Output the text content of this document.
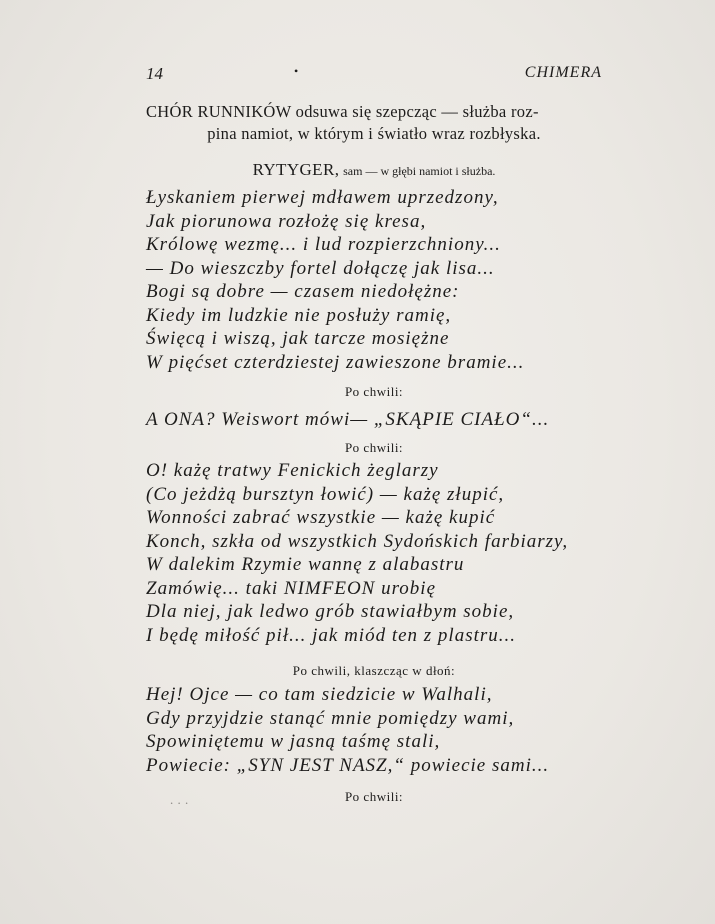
14	•	CHIMERA
CHÓR RUNNIKÓW odsuwa się szepcząc — służba roz-
pina namiot, w którym i światło wraz rozbłyska.
RYTYGER, sam — w głębi namiot i służba.
Łyskaniem pierwej mdławem uprzedzony,
Jak piorunowa rozłożę się kresa,
Królowę wezmę... i lud rozpierzchniony...
— Do wieszczby fortel dołączę jak lisa...
Bogi są dobre — czasem niedołężne:
Kiedy im ludzkie nie posłuży ramię,
Święcą i wiszą, jak tarcze mosiężne
W pięćset czterdziestej zawieszone bramie...
Po chwili:
A ONA? Weiswort mówi— „SKĄPIE CIAŁO“...
Po chwili:
O! każę tratwy Fenickich żeglarzy
(Co jeżdżą bursztyn łowić) — każę złupić,
Wonności zabrać wszystkie — każę kupić
Konch, szkła od wszystkich Sydońskich farbiarzy,
W dalekim Rzymie wannę z alabastru
Zamówię... taki NIMFEON urobię
Dla niej, jak ledwo grób stawiałbym sobie,
I będę miłość pił... jak miód ten z plastru...
Po chwili, klaszcząc w dłoń:
Hej! Ojce — co tam siedzicie w Walhali,
Gdy przyjdzie stanąć mnie pomiędzy wami,
Spowiniętemu w jasną taśmę stali,
Powiecie: „SYN JEST NASZ,“ powiecie sami...
. . .	Po chwili:
